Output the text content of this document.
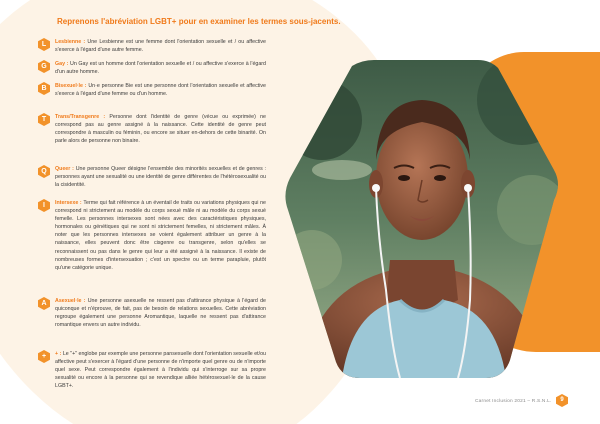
Reprenons l'abréviation LGBT+ pour en examiner les termes sous-jacents.
L	Lesbienne : Une Lesbienne est une femme dont l'orientation sexuelle et / ou affective s'exerce à l'égard d'une autre femme.
G	Gay : Un Gay est un homme dont l'orientation sexuelle et / ou affective s'exerce à l'égard d'un autre homme.
B	Bisexuel·le : Un·e personne Bie est une personne dont l'orientation sexuelle et affective s'exerce à l'égard d'une femme ou d'un homme.
T	Trans/Transgenre : Personne dont l'identité de genre (vécue ou exprimée) ne correspond pas au genre assigné à la naissance. Cette identité de genre peut correspondre à masculin ou féminin, ou encore se situer en-dehors de cette binarité. On parle alors de personne non binaire.
Q	Queer : Une personne Queer désigne l'ensemble des minorités sexuelles et de genres : personnes ayant une sexualité ou une identité de genre différentes de l'hétérosexualité ou la cisidentité.
I	Intersexe : Terme qui fait référence à un éventail de traits ou variations physiques qui ne correspond ni strictement au modèle du corps sexué mâle ni au modèle du corps sexué femelle. Les personnes intersexes sont nées avec des caractéristiques physiques, hormonales ou génétiques qui ne sont ni strictement femelles, ni strictement mâles. À noter que les personnes intersexes se voient également attribuer un genre à la naissance, elles peuvent donc être cisgenre ou transgenre, selon qu'elles se reconnaissent ou pas dans le genre qui leur a été assigné à la naissance. Il existe de nombreuses formes d'intersexuation ; c'est un spectre ou un terme parapluie, plutôt qu'une catégorie unique.
A	Asexuel·le : Une personne asexuelle ne ressent pas d'attirance physique à l'égard de quiconque et n'éprouve, de fait, pas de besoin de relations sexuelles. Cette abréviation regroupe également une personne Aromantique, laquelle ne ressent pas d'attirance romantique envers un autre individu.
+	+ : Le "+" englobe par exemple une personne pansexuelle dont l'orientation sexuelle et/ou affective peut s'exercer à l'égard d'une personne de n'importe quel genre ou de n'importe quel sexe. Peut correspondre également à l'individu qui s'interroge sur sa propre sexualité ou encore à la personne qui se revendique alliée hétérosexuel·le de la cause LGBT+.
Carnet Inclusion 2021 – R.S.N.L.	9
